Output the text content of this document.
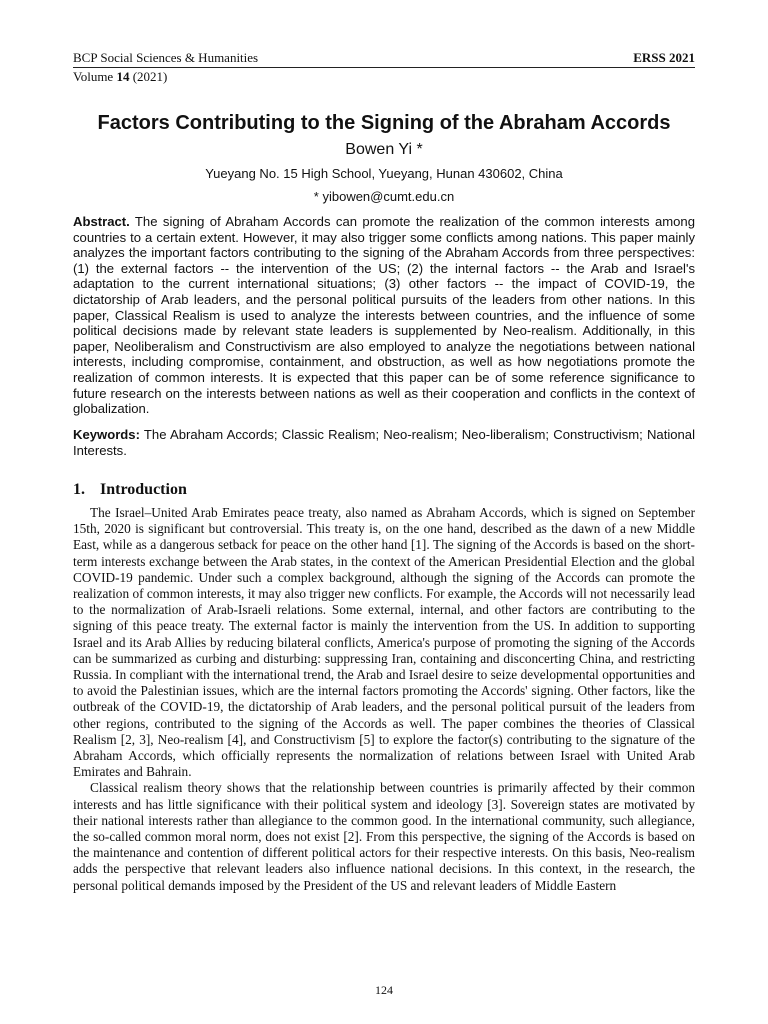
BCP Social Sciences & Humanities	ERSS 2021
Volume 14 (2021)
Factors Contributing to the Signing of the Abraham Accords
Bowen Yi *
Yueyang No. 15 High School, Yueyang, Hunan 430602, China
* yibowen@cumt.edu.cn
Abstract. The signing of Abraham Accords can promote the realization of the common interests among countries to a certain extent. However, it may also trigger some conflicts among nations. This paper mainly analyzes the important factors contributing to the signing of the Abraham Accords from three perspectives: (1) the external factors -- the intervention of the US; (2) the internal factors -- the Arab and Israel's adaptation to the current international situations; (3) other factors -- the impact of COVID-19, the dictatorship of Arab leaders, and the personal political pursuits of the leaders from other nations. In this paper, Classical Realism is used to analyze the interests between countries, and the influence of some political decisions made by relevant state leaders is supplemented by Neo-realism. Additionally, in this paper, Neoliberalism and Constructivism are also employed to analyze the negotiations between national interests, including compromise, containment, and obstruction, as well as how negotiations promote the realization of common interests. It is expected that this paper can be of some reference significance to future research on the interests between nations as well as their cooperation and conflicts in the context of globalization.
Keywords: The Abraham Accords; Classic Realism; Neo-realism; Neo-liberalism; Constructivism; National Interests.
1. Introduction

The Israel–United Arab Emirates peace treaty, also named as Abraham Accords, which is signed on September 15th, 2020 is significant but controversial. This treaty is, on the one hand, described as the dawn of a new Middle East, while as a dangerous setback for peace on the other hand [1]. The signing of the Accords is based on the short-term interests exchange between the Arab states, in the context of the American Presidential Election and the global COVID-19 pandemic. Under such a complex background, although the signing of the Accords can promote the realization of common interests, it may also trigger new conflicts. For example, the Accords will not necessarily lead to the normalization of Arab-Israeli relations. Some external, internal, and other factors are contributing to the signing of this peace treaty. The external factor is mainly the intervention from the US. In addition to supporting Israel and its Arab Allies by reducing bilateral conflicts, America's purpose of promoting the signing of the Accords can be summarized as curbing and disturbing: suppressing Iran, containing and disconcerting China, and restricting Russia. In compliant with the international trend, the Arab and Israel desire to seize developmental opportunities and to avoid the Palestinian issues, which are the internal factors promoting the Accords' signing. Other factors, like the outbreak of the COVID-19, the dictatorship of Arab leaders, and the personal political pursuit of the leaders from other regions, contributed to the signing of the Accords as well. The paper combines the theories of Classical Realism [2, 3], Neo-realism [4], and Constructivism [5] to explore the factor(s) contributing to the signature of the Abraham Accords, which officially represents the normalization of relations between Israel with United Arab Emirates and Bahrain.

Classical realism theory shows that the relationship between countries is primarily affected by their common interests and has little significance with their political system and ideology [3]. Sovereign states are motivated by their national interests rather than allegiance to the common good. In the international community, such allegiance, the so-called common moral norm, does not exist [2]. From this perspective, the signing of the Accords is based on the maintenance and contention of different political actors for their respective interests. On this basis, Neo-realism adds the perspective that relevant leaders also influence national decisions. In this context, in the research, the personal political demands imposed by the President of the US and relevant leaders of Middle Eastern

124
